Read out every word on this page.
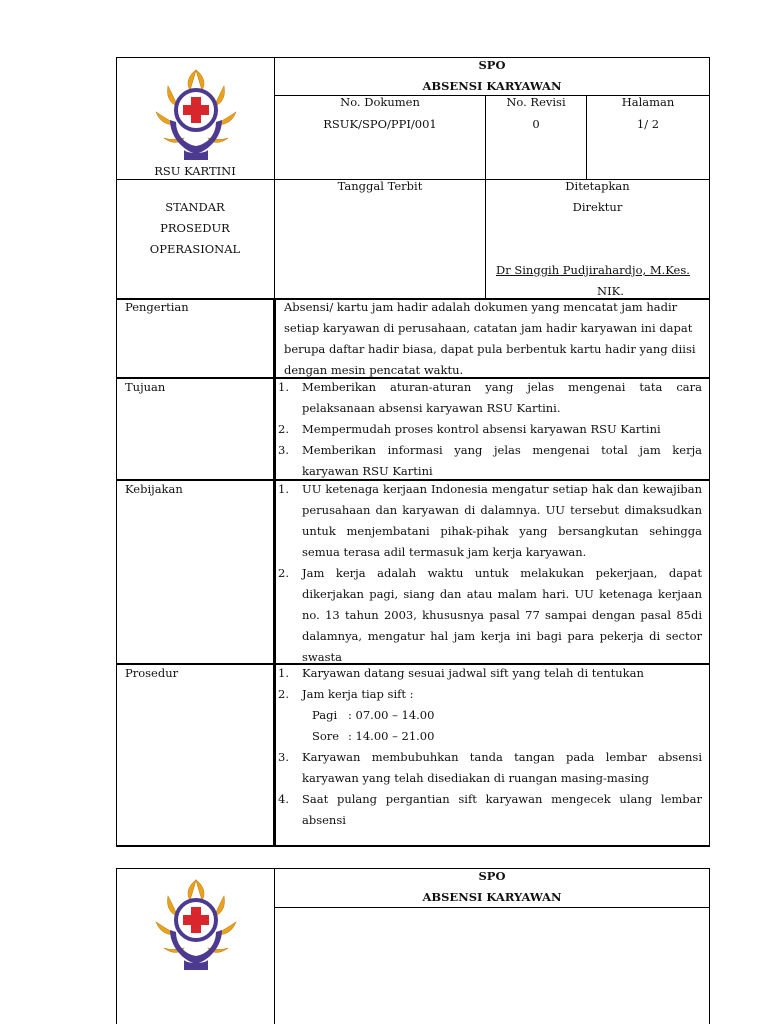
RSU KARTINI
SPO
ABSENSI KARYAWAN
No. Dokumen
RSUK/SPO/PPI/001
No. Revisi
0
Halaman
1/ 2
STANDAR
PROSEDUR
OPERASIONAL
Tanggal Terbit	Ditetapkan
Direktur
Dr Singgih Pudjirahardjo, M.Kes.
NIK.
Pengertian
Tujuan
Kebijakan
Prosedur
Absensi/ kartu jam hadir adalah dokumen yang mencatat jam hadir setiap karyawan di perusahaan, catatan jam hadir karyawan ini dapat berupa daftar hadir biasa, dapat pula berbentuk kartu hadir yang diisi dengan mesin pencatat waktu.
1. Memberikan aturan-aturan yang jelas mengenai tata cara pelaksanaan absensi karyawan RSU Kartini.
2. Mempermudah proses kontrol absensi karyawan RSU Kartini
3. Memberikan informasi yang jelas mengenai total jam kerja karyawan RSU Kartini
1. UU ketenaga kerjaan Indonesia mengatur setiap hak dan kewajiban perusahaan dan karyawan di dalamnya. UU tersebut dimaksudkan untuk menjembatani pihak-pihak yang bersangkutan sehingga semua terasa adil termasuk jam kerja karyawan.
2. Jam kerja adalah waktu untuk melakukan pekerjaan, dapat dikerjakan pagi, siang dan atau malam hari. UU ketenaga kerjaan no. 13 tahun 2003, khususnya pasal 77 sampai dengan pasal 85di dalamnya, mengatur hal jam kerja ini bagi para pekerja di sector swasta
1. Karyawan datang sesuai jadwal sift yang telah di tentukan
2. Jam kerja tiap sift :
Pagi : 07.00 – 14.00
Sore : 14.00 – 21.00
3. Karyawan membubuhkan tanda tangan pada lembar absensi karyawan yang telah disediakan di ruangan masing-masing
4. Saat pulang pergantian sift karyawan mengecek ulang lembar absensi
SPO
ABSENSI KARYAWAN
